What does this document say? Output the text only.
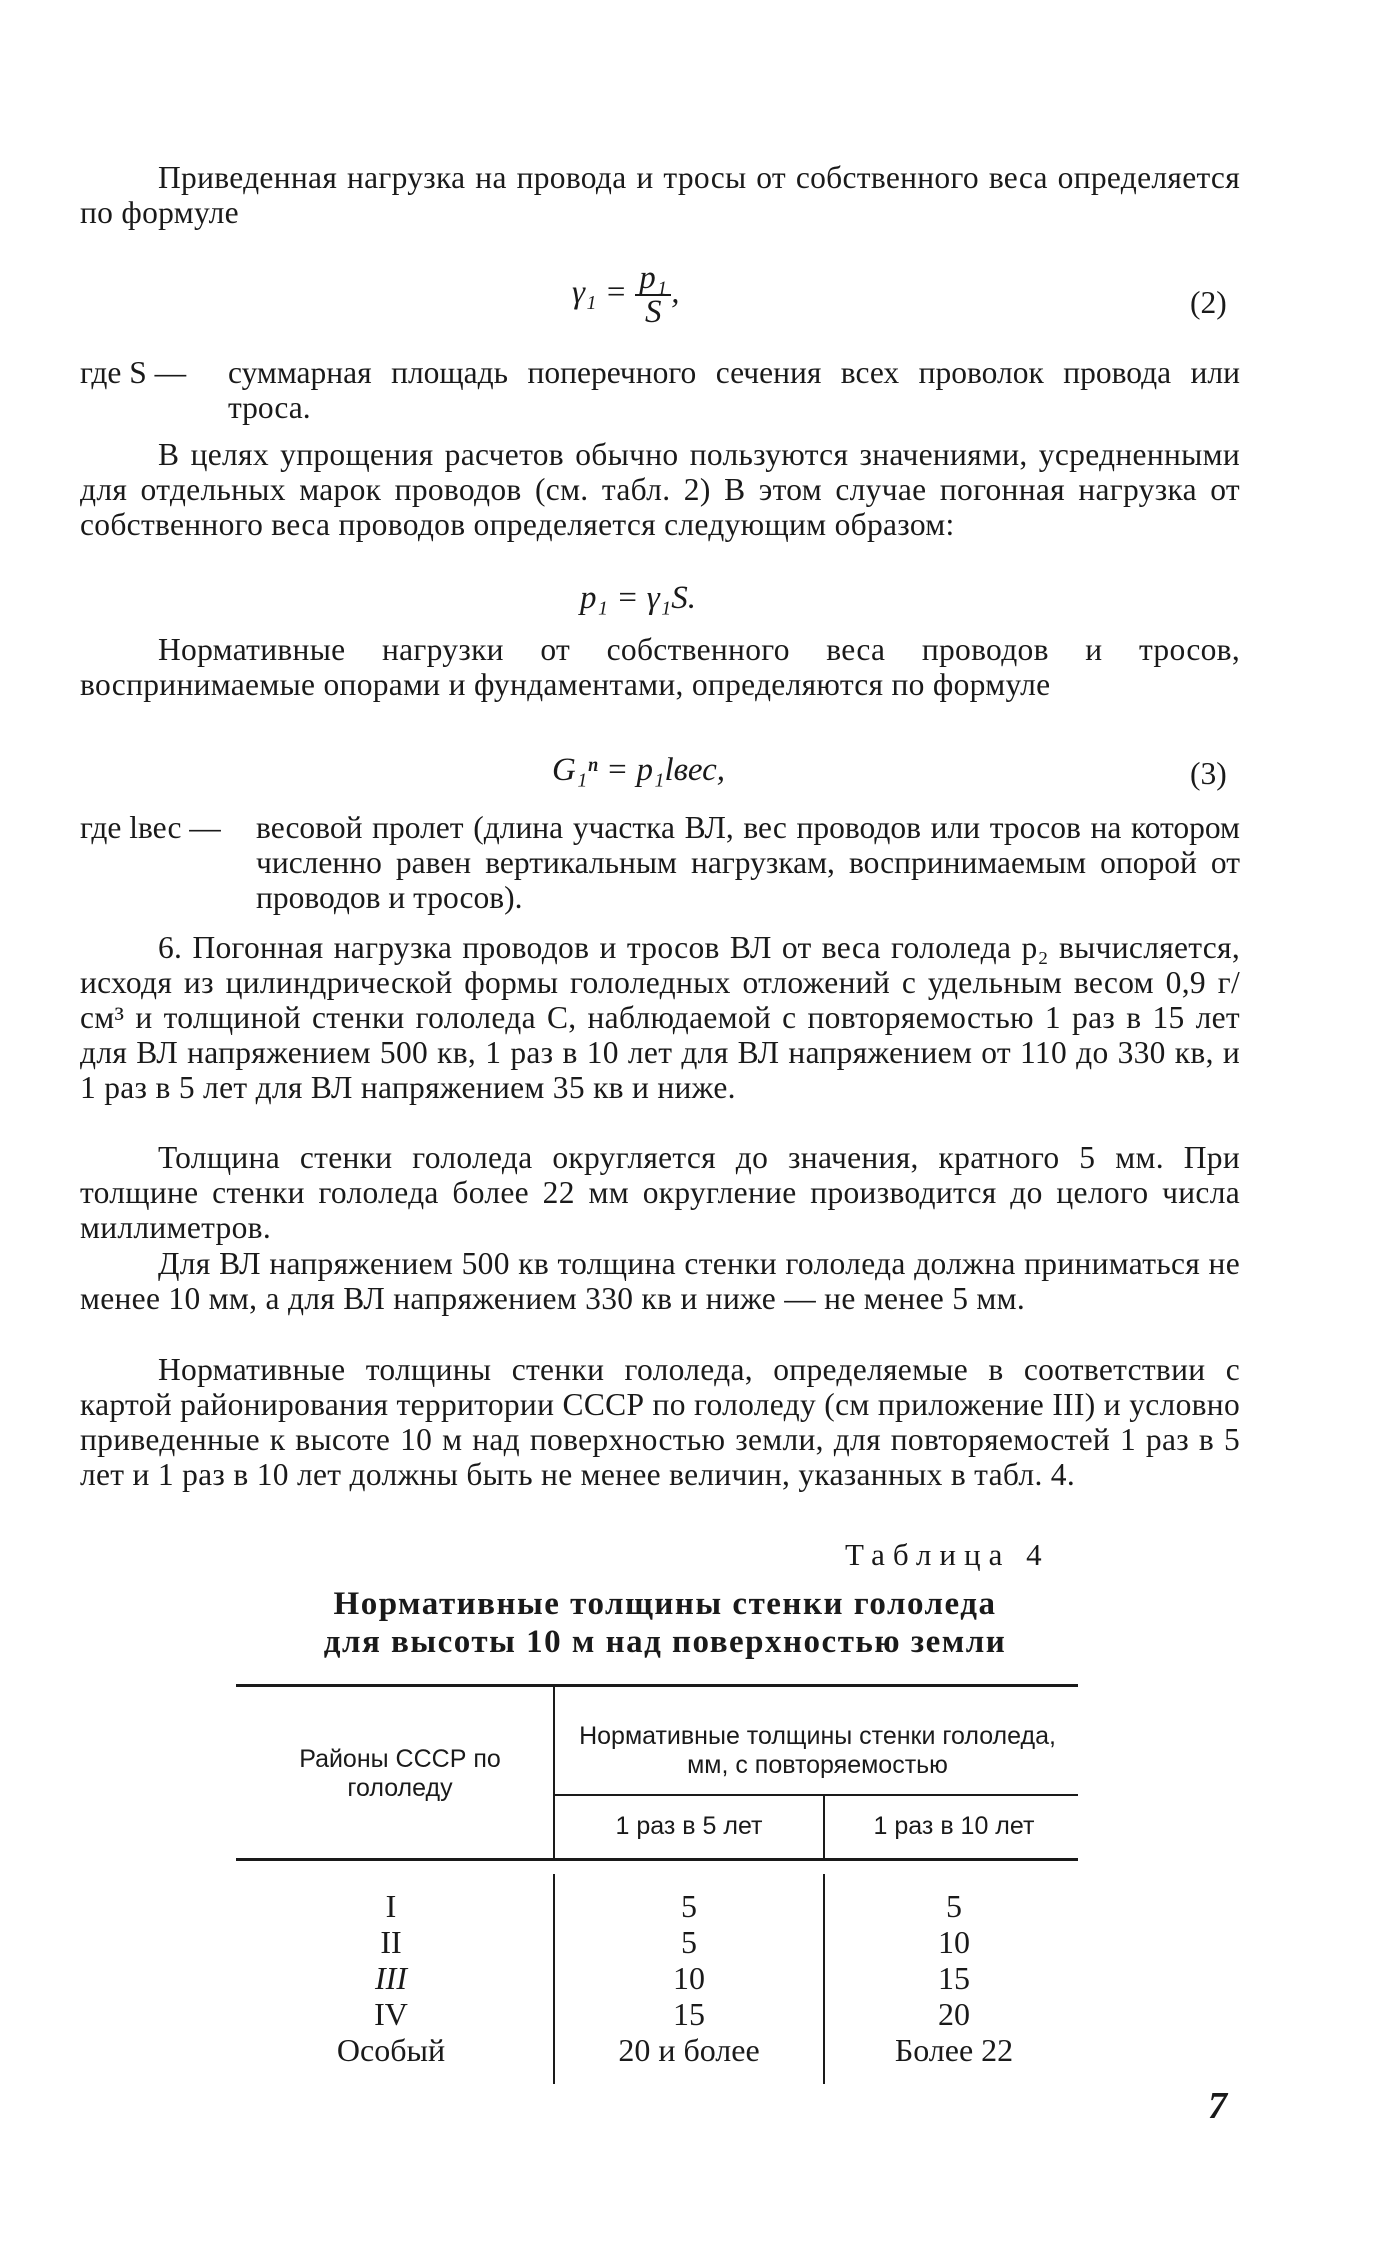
Приведенная нагрузка на провода и тросы от собственного веса определяется по формуле

$\gamma_1 = \frac{\text{p₁}}{S}$ ,	(2)
где S —	суммарная площадь поперечного сечения всех проволок провода или троса.

В целях упрощения расчетов обычно пользуются значениями, усредненными для отдельных марок проводов (см. табл. 2) В этом случае погонная нагрузка от собственного веса проводов определяется следующим образом:

p₁ = γ₁S.

Нормативные нагрузки от собственного веса проводов и тросов, воспринимаемые опорами и фундаментами, определяются по формуле

G₁ⁿ = p₁lвес,	(3)
где lвес —	весовой пролет (длина участка ВЛ, вес проводов или тросов на котором численно равен вертикальным нагрузкам, воспринимаемым опорой от проводов и тросов).

6. Погонная нагрузка проводов и тросов ВЛ от веса гололеда p₂ вычисляется, исходя из цилиндрической формы гололедных отложений с удельным весом 0,9 г/см³ и толщиной стенки гололеда С, наблюдаемой с повторяемостью 1 раз в 15 лет для ВЛ напряжением 500 кв, 1 раз в 10 лет для ВЛ напряжением от 110 до 330 кв, и 1 раз в 5 лет для ВЛ напряжением 35 кв и ниже.

Толщина стенки гололеда округляется до значения, кратного 5 мм. При толщине стенки гололеда более 22 мм округление производится до целого числа миллиметров.

Для ВЛ напряжением 500 кв толщина стенки гололеда должна приниматься не менее 10 мм, а для ВЛ напряжением 330 кв и ниже — не менее 5 мм.

Нормативные толщины стенки гололеда, определяемые в соответствии с картой районирования территории СССР по гололеду (см приложение III) и условно приведенные к высоте 10 м над поверхностью земли, для повторяемостей 1 раз в 5 лет и 1 раз в 10 лет должны быть не менее величин, указанных в табл. 4.

Таблица 4
Нормативные толщины стенки гололеда
для высоты 10 м над поверхностью земли
Районы СССР по гололеду
Нормативные толщины стенки гололеда, мм, с повторяемостью
1 раз в 5 лет	1 раз в 10 лет
I	5	5
II	5	10
III	10	15
IV	15	20
Особый	20 и более	Более 22
7
